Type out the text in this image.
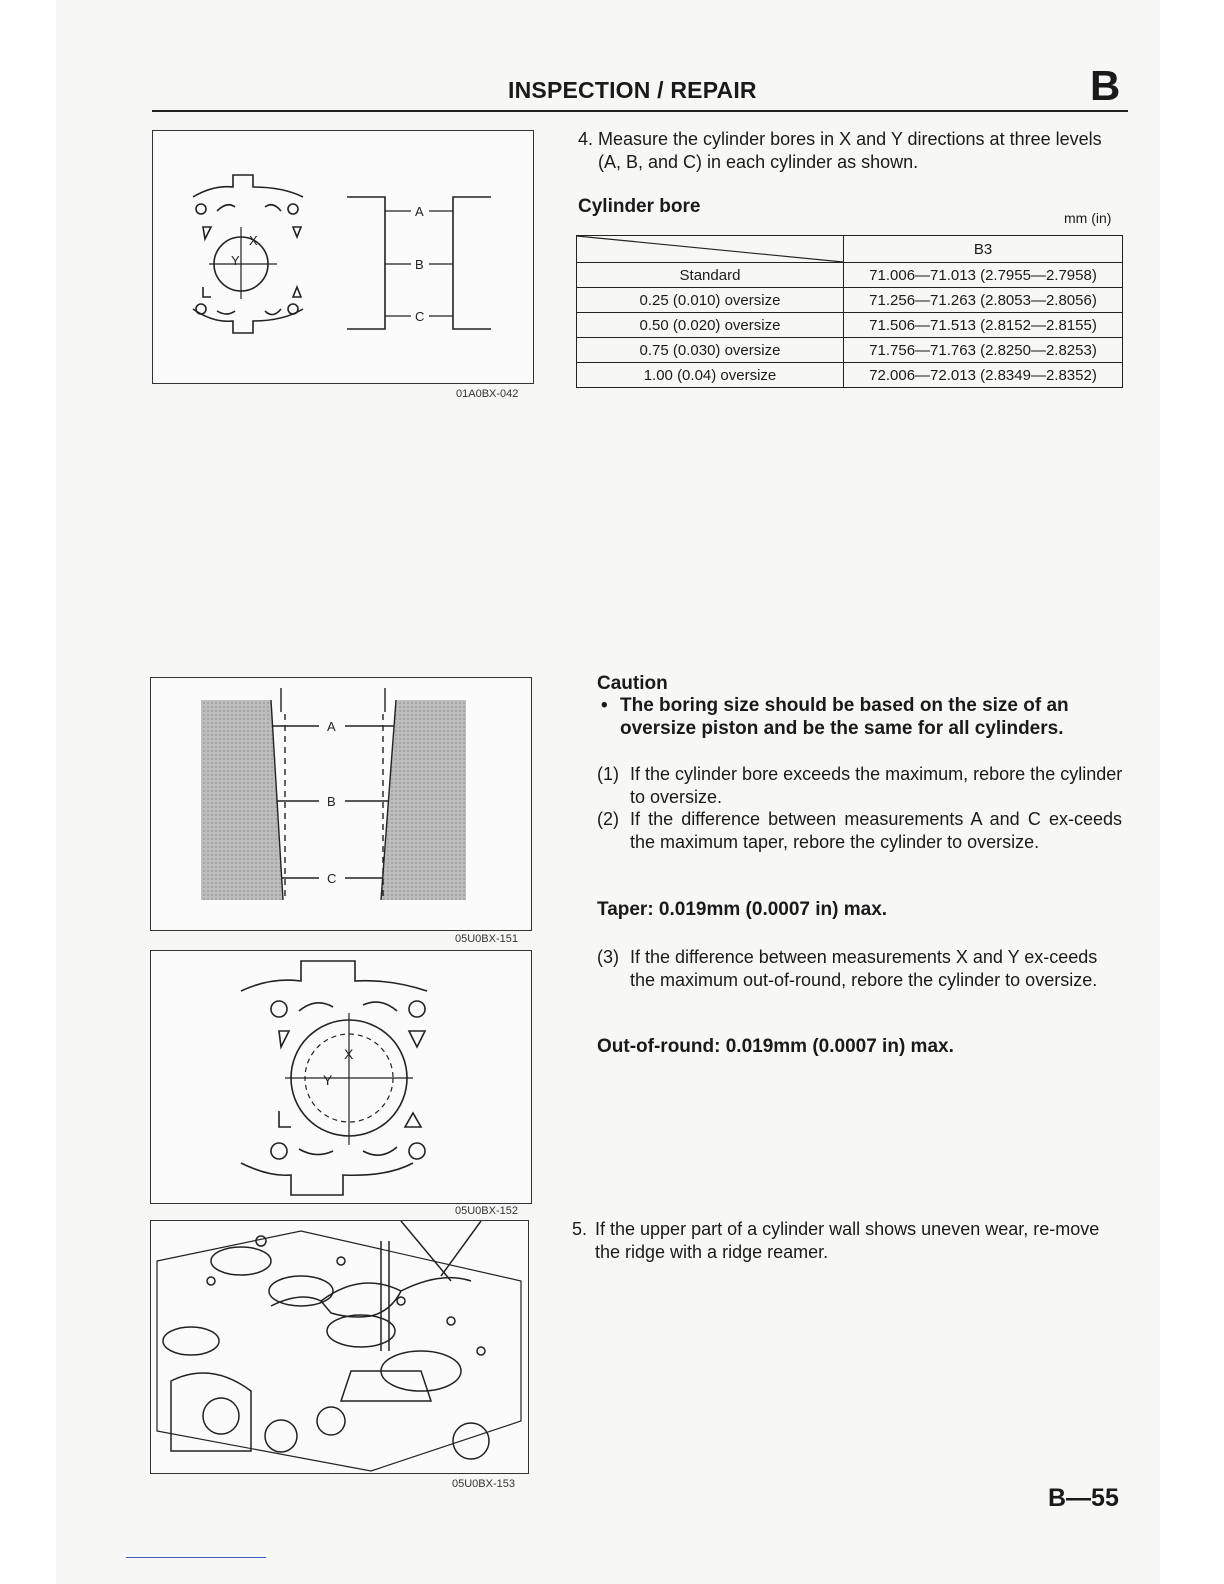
INSPECTION / REPAIR	B
X
Y
A
B
C
01A0BX-042
4. Measure the cylinder bores in X and Y directions at three levels (A, B, and C) in each cylinder as shown.
Cylinder bore
mm (in)
	B3
Standard	71.006—71.013 (2.7955—2.7958)
0.25 (0.010) oversize	71.256—71.263 (2.8053—2.8056)
0.50 (0.020) oversize	71.506—71.513 (2.8152—2.8155)
0.75 (0.030) oversize	71.756—71.763 (2.8250—2.8253)
1.00 (0.04) oversize	72.006—72.013 (2.8349—2.8352)
A
B
C
05U0BX-151
X
Y
05U0BX-152
05U0BX-153
Caution
• The boring size should be based on the size of an oversize piston and be the same for all cylinders.
(1) If the cylinder bore exceeds the maximum, rebore the cylinder to oversize.
(2) If the difference between measurements A and C ex-ceeds the maximum taper, rebore the cylinder to oversize.
Taper: 0.019mm (0.0007 in) max.
(3) If the difference between measurements X and Y ex-ceeds the maximum out-of-round, rebore the cylinder to oversize.
Out-of-round: 0.019mm (0.0007 in) max.
5. If the upper part of a cylinder wall shows uneven wear, re-move the ridge with a ridge reamer.
B—55
